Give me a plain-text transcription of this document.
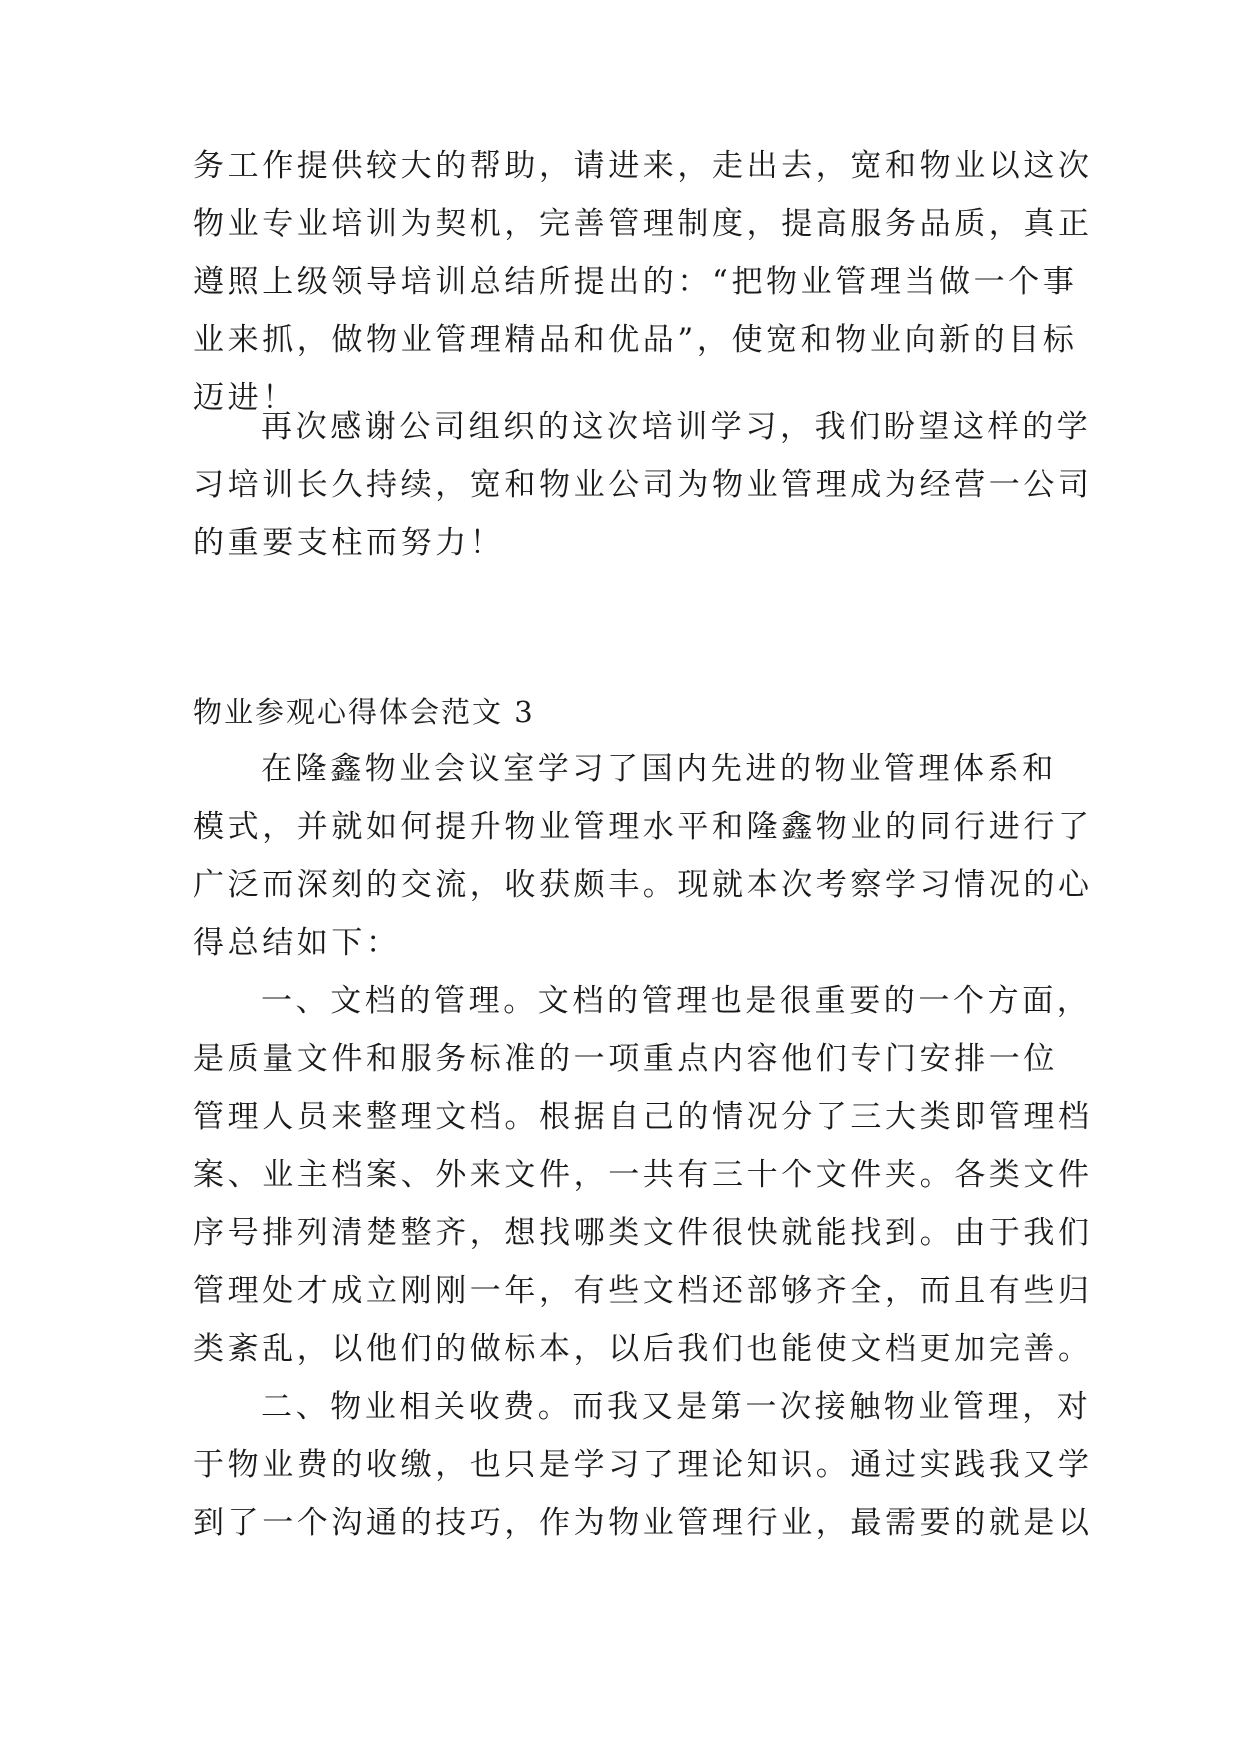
务工作提供较大的帮助，请进来，走出去，宽和物业以这次
物业专业培训为契机，完善管理制度，提高服务品质，真正
遵照上级领导培训总结所提出的：“把物业管理当做一个事
业来抓，做物业管理精品和优品”，使宽和物业向新的目标
迈进！
再次感谢公司组织的这次培训学习，我们盼望这样的学
习培训长久持续，宽和物业公司为物业管理成为经营一公司
的重要支柱而努力！
物业参观心得体会范文 3
在隆鑫物业会议室学习了国内先进的物业管理体系和
模式，并就如何提升物业管理水平和隆鑫物业的同行进行了
广泛而深刻的交流，收获颇丰。现就本次考察学习情况的心
得总结如下：
一、文档的管理。文档的管理也是很重要的一个方面，
是质量文件和服务标准的一项重点内容他们专门安排一位
管理人员来整理文档。根据自己的情况分了三大类即管理档
案、业主档案、外来文件，一共有三十个文件夹。各类文件
序号排列清楚整齐，想找哪类文件很快就能找到。由于我们
管理处才成立刚刚一年，有些文档还部够齐全，而且有些归
类紊乱，以他们的做标本，以后我们也能使文档更加完善。
二、物业相关收费。而我又是第一次接触物业管理，对
于物业费的收缴，也只是学习了理论知识。通过实践我又学
到了一个沟通的技巧，作为物业管理行业，最需要的就是以
